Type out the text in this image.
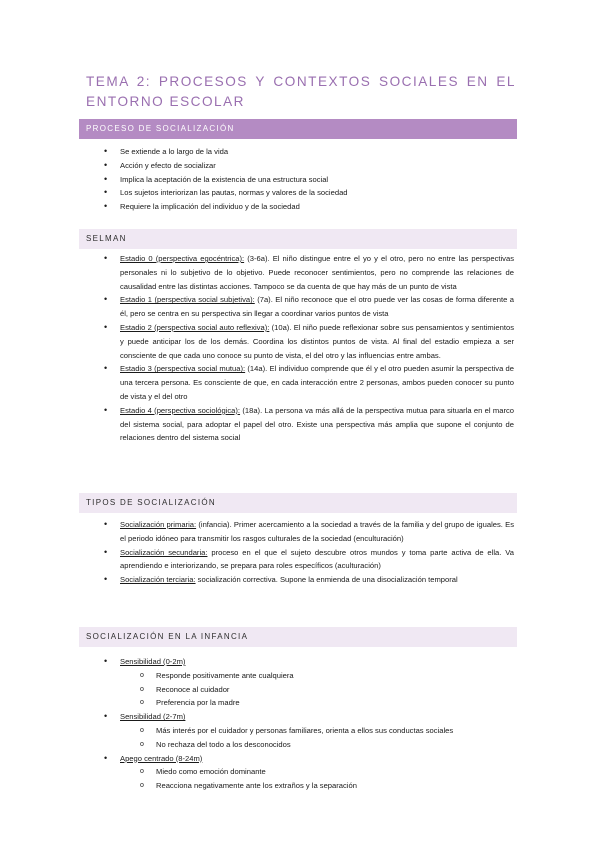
TEMA 2: PROCESOS Y CONTEXTOS SOCIALES EN EL ENTORNO ESCOLAR
PROCESO DE SOCIALIZACIÓN
• Se extiende a lo largo de la vida
• Acción y efecto de socializar
• Implica la aceptación de la existencia de una estructura social
• Los sujetos interiorizan las pautas, normas y valores de la sociedad
• Requiere la implicación del individuo y de la sociedad
SELMAN
• Estadio 0 (perspectiva egocéntrica): (3-6a). El niño distingue entre el yo y el otro, pero no entre las perspectivas personales ni lo subjetivo de lo objetivo. Puede reconocer sentimientos, pero no comprende las relaciones de causalidad entre las distintas acciones. Tampoco se da cuenta de que hay más de un punto de vista
• Estadio 1 (perspectiva social subjetiva): (7a). El niño reconoce que el otro puede ver las cosas de forma diferente a él, pero se centra en su perspectiva sin llegar a coordinar varios puntos de vista
• Estadio 2 (perspectiva social auto reflexiva): (10a). El niño puede reflexionar sobre sus pensamientos y sentimientos y puede anticipar los de los demás. Coordina los distintos puntos de vista. Al final del estadio empieza a ser consciente de que cada uno conoce su punto de vista, el del otro y las influencias entre ambas.
• Estadio 3 (perspectiva social mutua): (14a). El individuo comprende que él y el otro pueden asumir la perspectiva de una tercera persona. Es consciente de que, en cada interacción entre 2 personas, ambos pueden conocer su punto de vista y el del otro
• Estadio 4 (perspectiva sociológica): (18a). La persona va más allá de la perspectiva mutua para situarla en el marco del sistema social, para adoptar el papel del otro. Existe una perspectiva más amplia que supone el conjunto de relaciones dentro del sistema social
TIPOS DE SOCIALIZACIÓN
• Socialización primaria: (infancia). Primer acercamiento a la sociedad a través de la familia y del grupo de iguales. Es el periodo idóneo para transmitir los rasgos culturales de la sociedad (enculturación)
• Socialización secundaria: proceso en el que el sujeto descubre otros mundos y toma parte activa de ella. Va aprendiendo e interiorizando, se prepara para roles específicos (aculturación)
• Socialización terciaria: socialización correctiva. Supone la enmienda de una disocialización temporal
SOCIALIZACIÓN EN LA INFANCIA
• Sensibilidad (0-2m)
o Responde positivamente ante cualquiera
o Reconoce al cuidador
o Preferencia por la madre
• Sensibilidad (2-7m)
o Más interés por el cuidador y personas familiares, orienta a ellos sus conductas sociales
o No rechaza del todo a los desconocidos
• Apego centrado (8-24m)
o Miedo como emoción dominante
o Reacciona negativamente ante los extraños y la separación
